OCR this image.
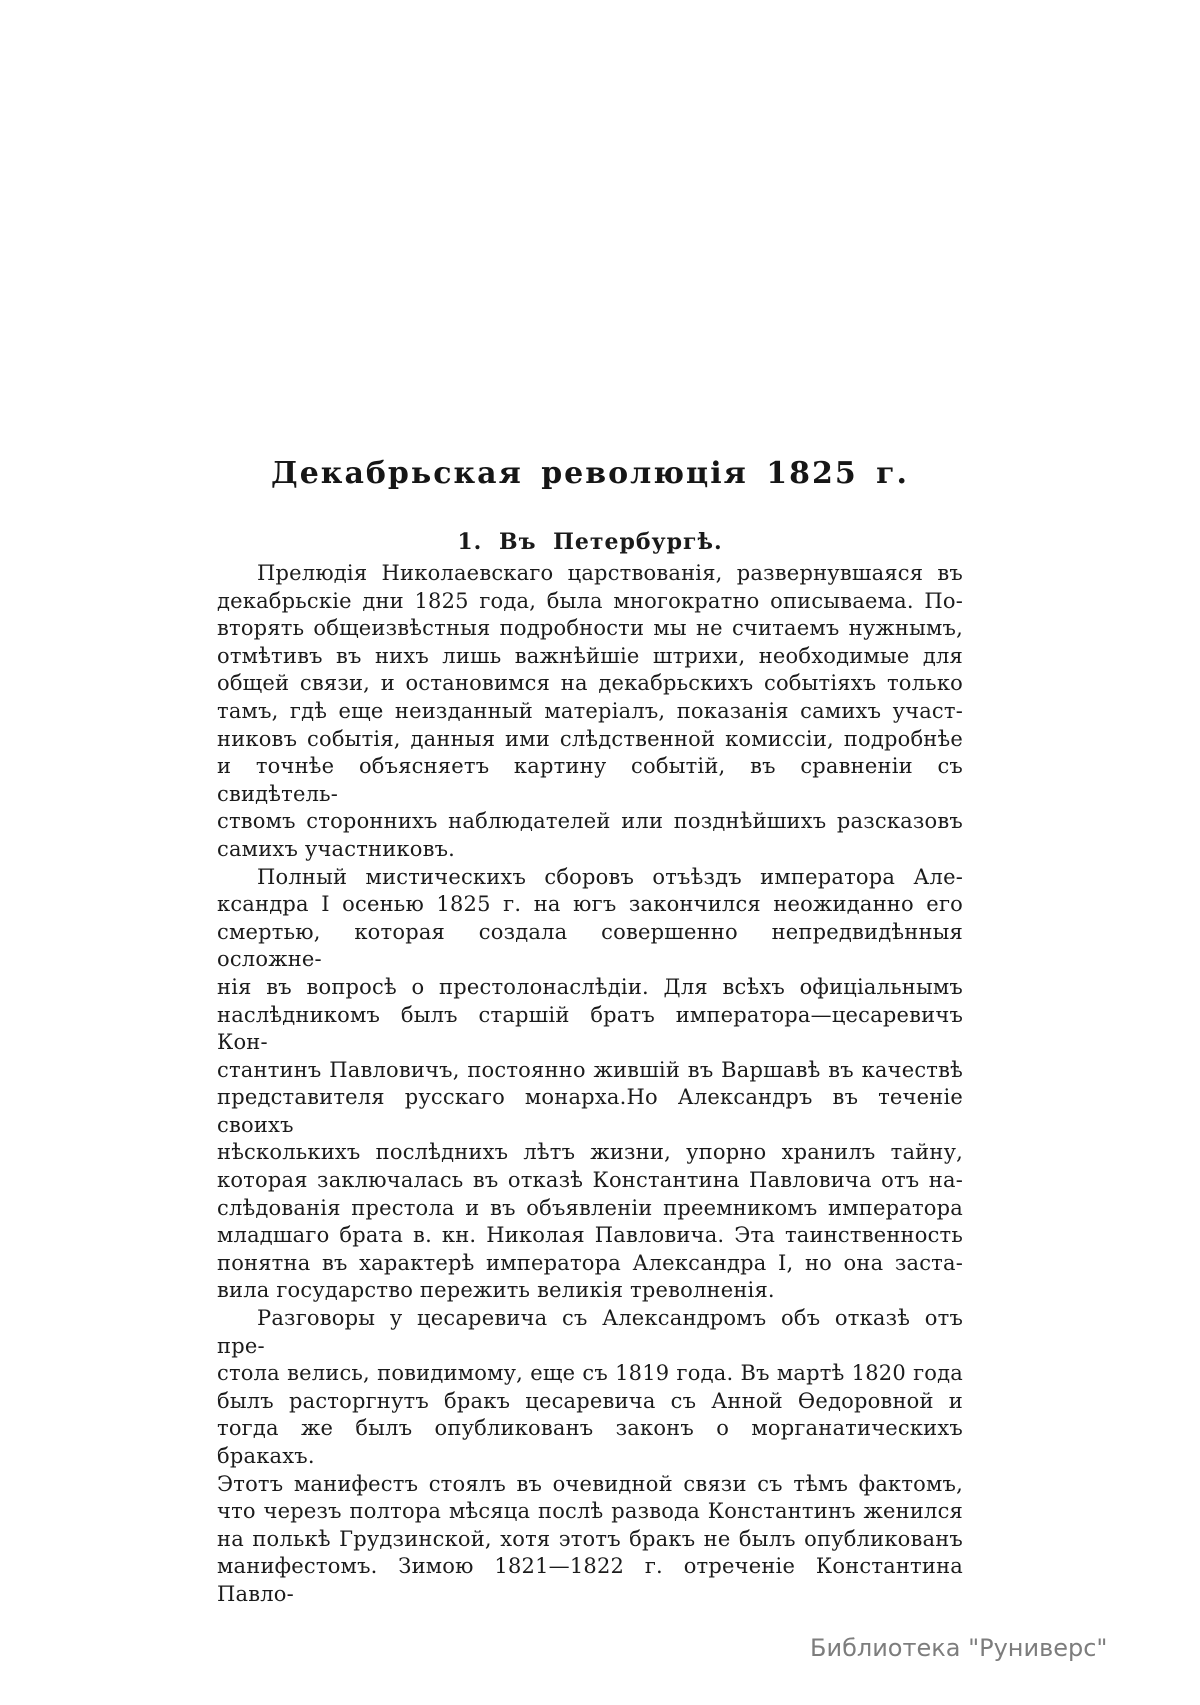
Декабрьская революція 1825 г.
1. Въ Петербургѣ.
Прелюдія Николаевскаго царствованія, развернувшаяся въ
декабрьскіе дни 1825 года, была многократно описываема. По-
вторять общеизвѣстныя подробности мы не считаемъ нужнымъ,
отмѣтивъ въ нихъ лишь важнѣйшіе штрихи, необходимые для
общей связи, и остановимся на декабрьскихъ событіяхъ только
тамъ, гдѣ еще неизданный матеріалъ, показанія самихъ участ-
никовъ событія, данныя ими слѣдственной комиссіи, подробнѣе
и точнѣе объясняетъ картину событій, въ сравненіи съ свидѣтель-
ствомъ стороннихъ наблюдателей или позднѣйшихъ разсказовъ
самихъ участниковъ.
Полный мистическихъ сборовъ отъѣздъ императора Але-
ксандра I осенью 1825 г. на югъ закончился неожиданно его
смертью, которая создала совершенно непредвидѣнныя осложне-
нія въ вопросѣ о престолонаслѣдіи. Для всѣхъ офиціальнымъ
наслѣдникомъ былъ старшій братъ императора—цесаревичъ Кон-
стантинъ Павловичъ, постоянно жившій въ Варшавѣ въ качествѣ
представителя русскаго монарха.Но Александръ въ теченіе своихъ
нѣсколькихъ послѣднихъ лѣтъ жизни, упорно хранилъ тайну,
которая заключалась въ отказѣ Константина Павловича отъ на-
слѣдованія престола и въ объявленіи преемникомъ императора
младшаго брата в. кн. Николая Павловича. Эта таинственность
понятна въ характерѣ императора Александра I, но она заста-
вила государство пережить великія треволненія.
Разговоры у цесаревича съ Александромъ объ отказѣ отъ пре-
стола велись, повидимому, еще съ 1819 года. Въ мартѣ 1820 года
былъ расторгнутъ бракъ цесаревича съ Анной Ѳедоровной и
тогда же былъ опубликованъ законъ о морганатическихъ бракахъ.
Этотъ манифестъ стоялъ въ очевидной связи съ тѣмъ фактомъ,
что черезъ полтора мѣсяца послѣ развода Константинъ женился
на полькѣ Грудзинской, хотя этотъ бракъ не былъ опубликованъ
манифестомъ. Зимою 1821—1822 г. отреченіе Константина Павло-
Библиотека "Руниверс"
